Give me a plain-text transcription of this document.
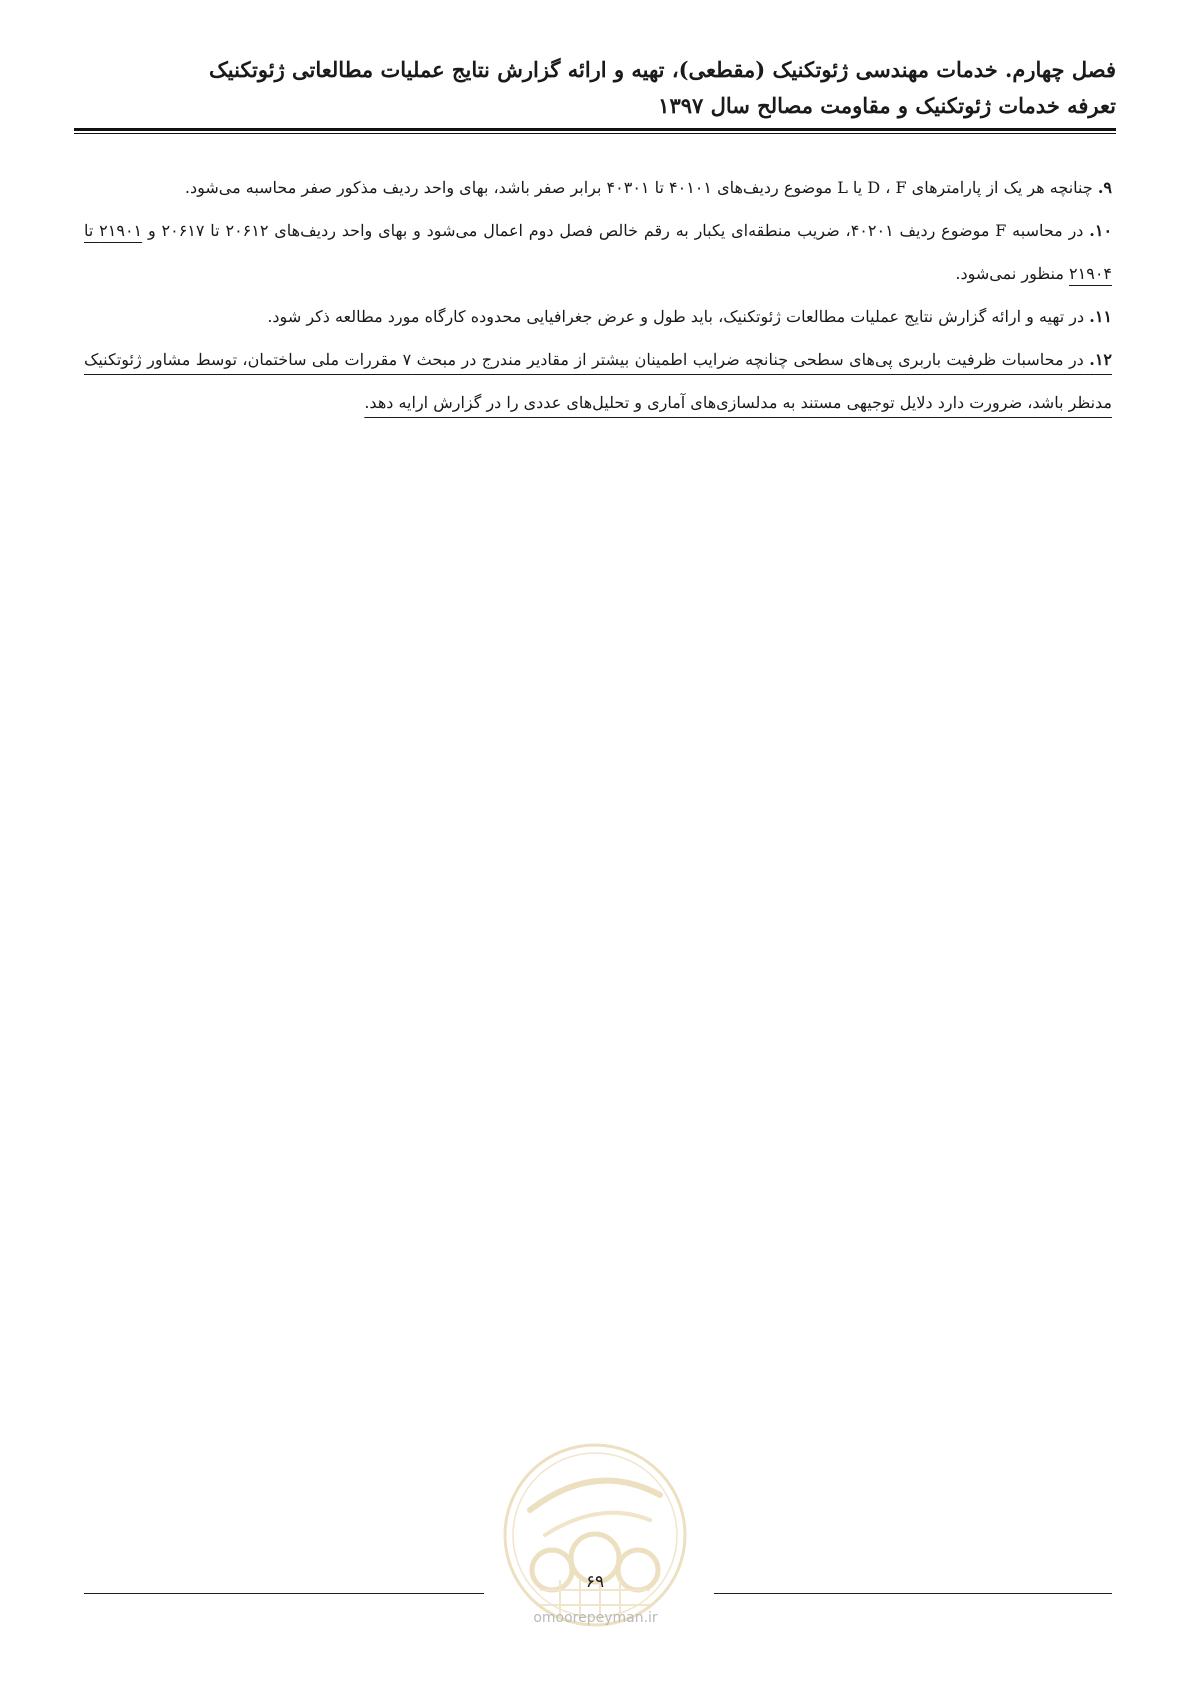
فصل چهارم. خدمات مهندسی ژئوتکنیک (مقطعی)، تهیه و ارائه گزارش نتایج عملیات مطالعاتی ژئوتکنیک
تعرفه خدمات ژئوتکنیک و مقاومت مصالح سال ۱۳۹۷

۹. چنانچه هر یک از پارامترهای D ، F یا L موضوع ردیف‌های ۴۰۱۰۱ تا ۴۰۳۰۱ برابر صفر باشد، بهای واحد ردیف مذکور صفر محاسبه می‌شود.

۱۰. در محاسبه F موضوع ردیف ۴۰۲۰۱، ضریب منطقه‌ای یکبار به رقم خالص فصل دوم اعمال می‌شود و بهای واحد ردیف‌های ۲۰۶۱۲ تا ۲۰۶۱۷ و ۲۱۹۰۱ تا ۲۱۹۰۴ منظور نمی‌شود.

۱۱. در تهیه و ارائه گزارش نتایج عملیات مطالعات ژئوتکنیک، باید طول و عرض جغرافیایی محدوده کارگاه مورد مطالعه ذکر شود.

۱۲. در محاسبات ظرفیت باربری پی‌های سطحی چنانچه ضرایب اطمینان بیشتر از مقادیر مندرج در مبحث ۷ مقررات ملی ساختمان، توسط مشاور ژئوتکنیک مدنظر باشد، ضرورت دارد دلایل توجیهی مستند به مدلسازی‌های آماری و تحلیل‌های عددی را در گزارش ارایه دهد.

۶۹
omoorepeyman.ir
